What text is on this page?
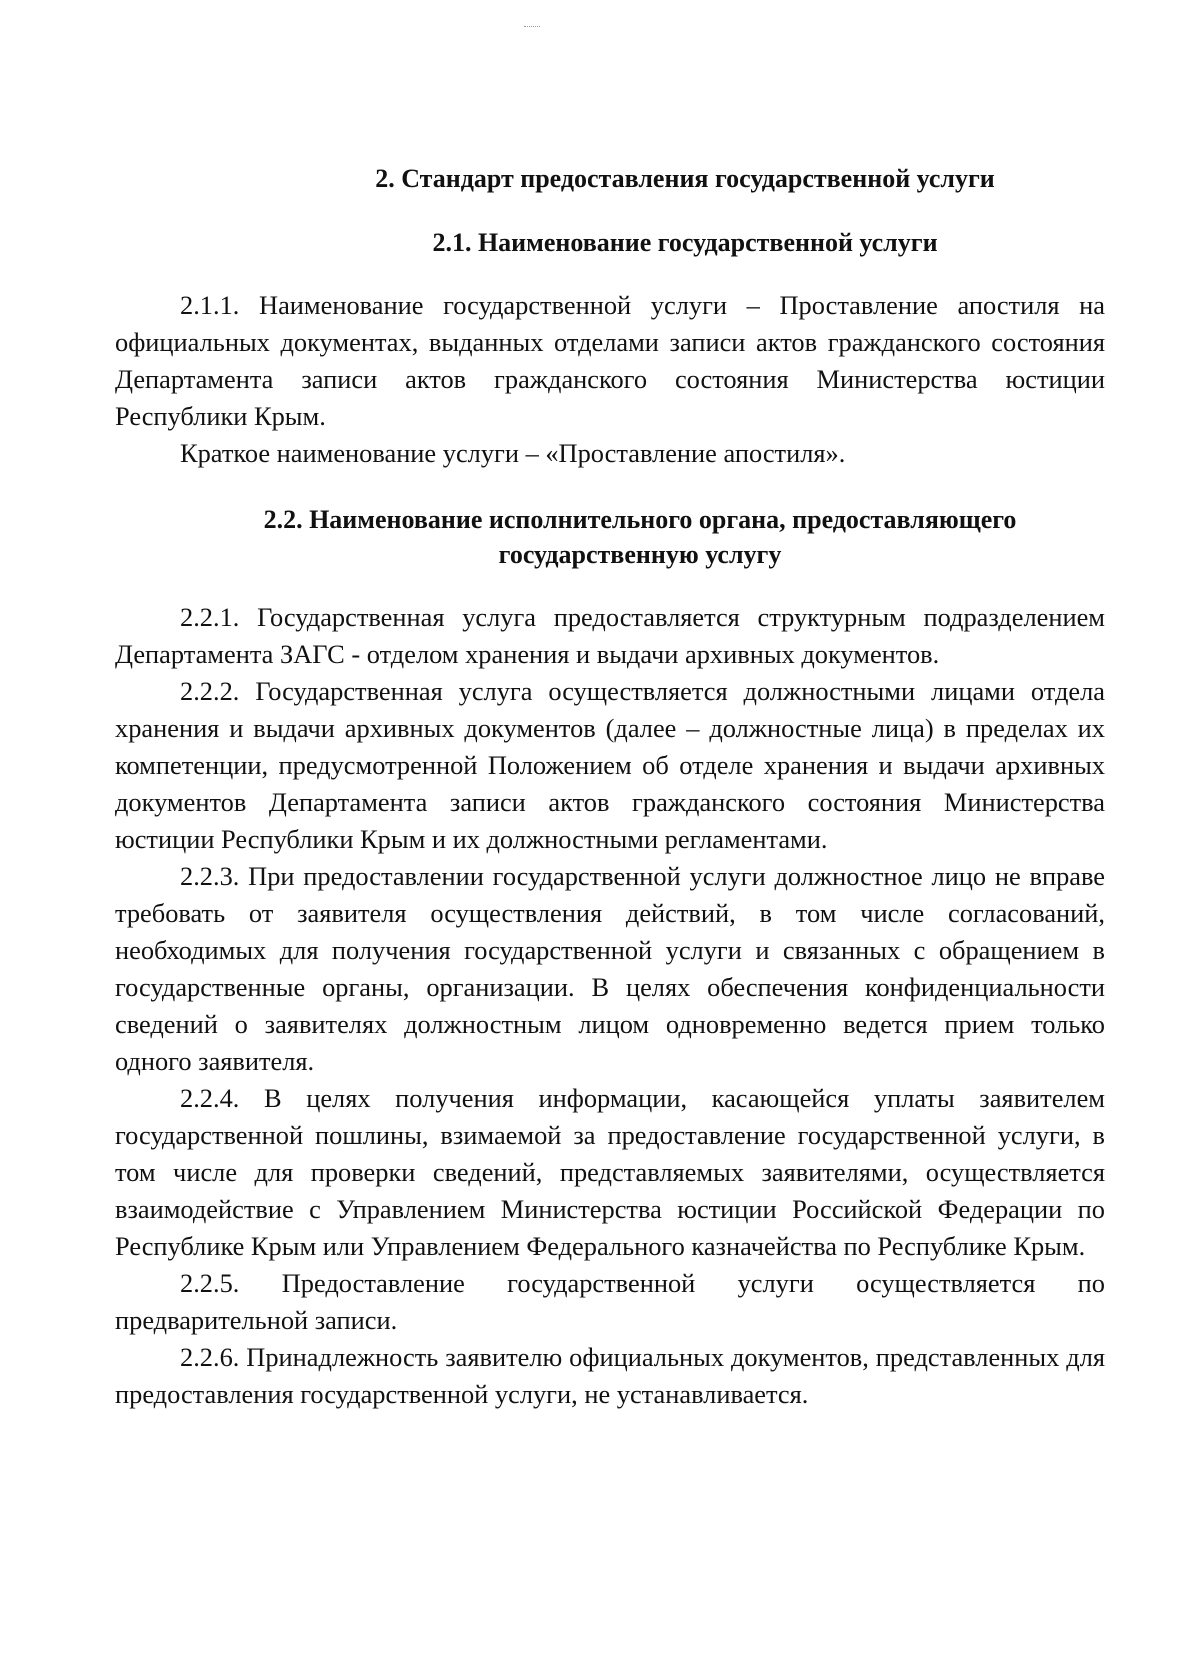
2. Стандарт предоставления государственной услуги
2.1. Наименование государственной услуги

2.1.1. Наименование государственной услуги – Проставление апостиля на официальных документах, выданных отделами записи актов гражданского состояния Департамента записи актов гражданского состояния Министерства юстиции Республики Крым.

Краткое наименование услуги – «Проставление апостиля».

2.2. Наименование исполнительного органа, предоставляющего государственную услугу

2.2.1. Государственная услуга предоставляется структурным подразделением Департамента ЗАГС - отделом хранения и выдачи архивных документов.

2.2.2. Государственная услуга осуществляется должностными лицами отдела хранения и выдачи архивных документов (далее – должностные лица) в пределах их компетенции, предусмотренной Положением об отделе хранения и выдачи архивных документов Департамента записи актов гражданского состояния Министерства юстиции Республики Крым и их должностными регламентами.

2.2.3. При предоставлении государственной услуги должностное лицо не вправе требовать от заявителя осуществления действий, в том числе согласований, необходимых для получения государственной услуги и связанных с обращением в государственные органы, организации. В целях обеспечения конфиденциальности сведений о заявителях должностным лицом одновременно ведется прием только одного заявителя.

2.2.4. В целях получения информации, касающейся уплаты заявителем государственной пошлины, взимаемой за предоставление государственной услуги, в том числе для проверки сведений, представляемых заявителями, осуществляется взаимодействие с Управлением Министерства юстиции Российской Федерации по Республике Крым или Управлением Федерального казначейства по Республике Крым.

2.2.5. Предоставление государственной услуги осуществляется по предварительной записи.

2.2.6. Принадлежность заявителю официальных документов, представленных для предоставления государственной услуги, не устанавливается.
